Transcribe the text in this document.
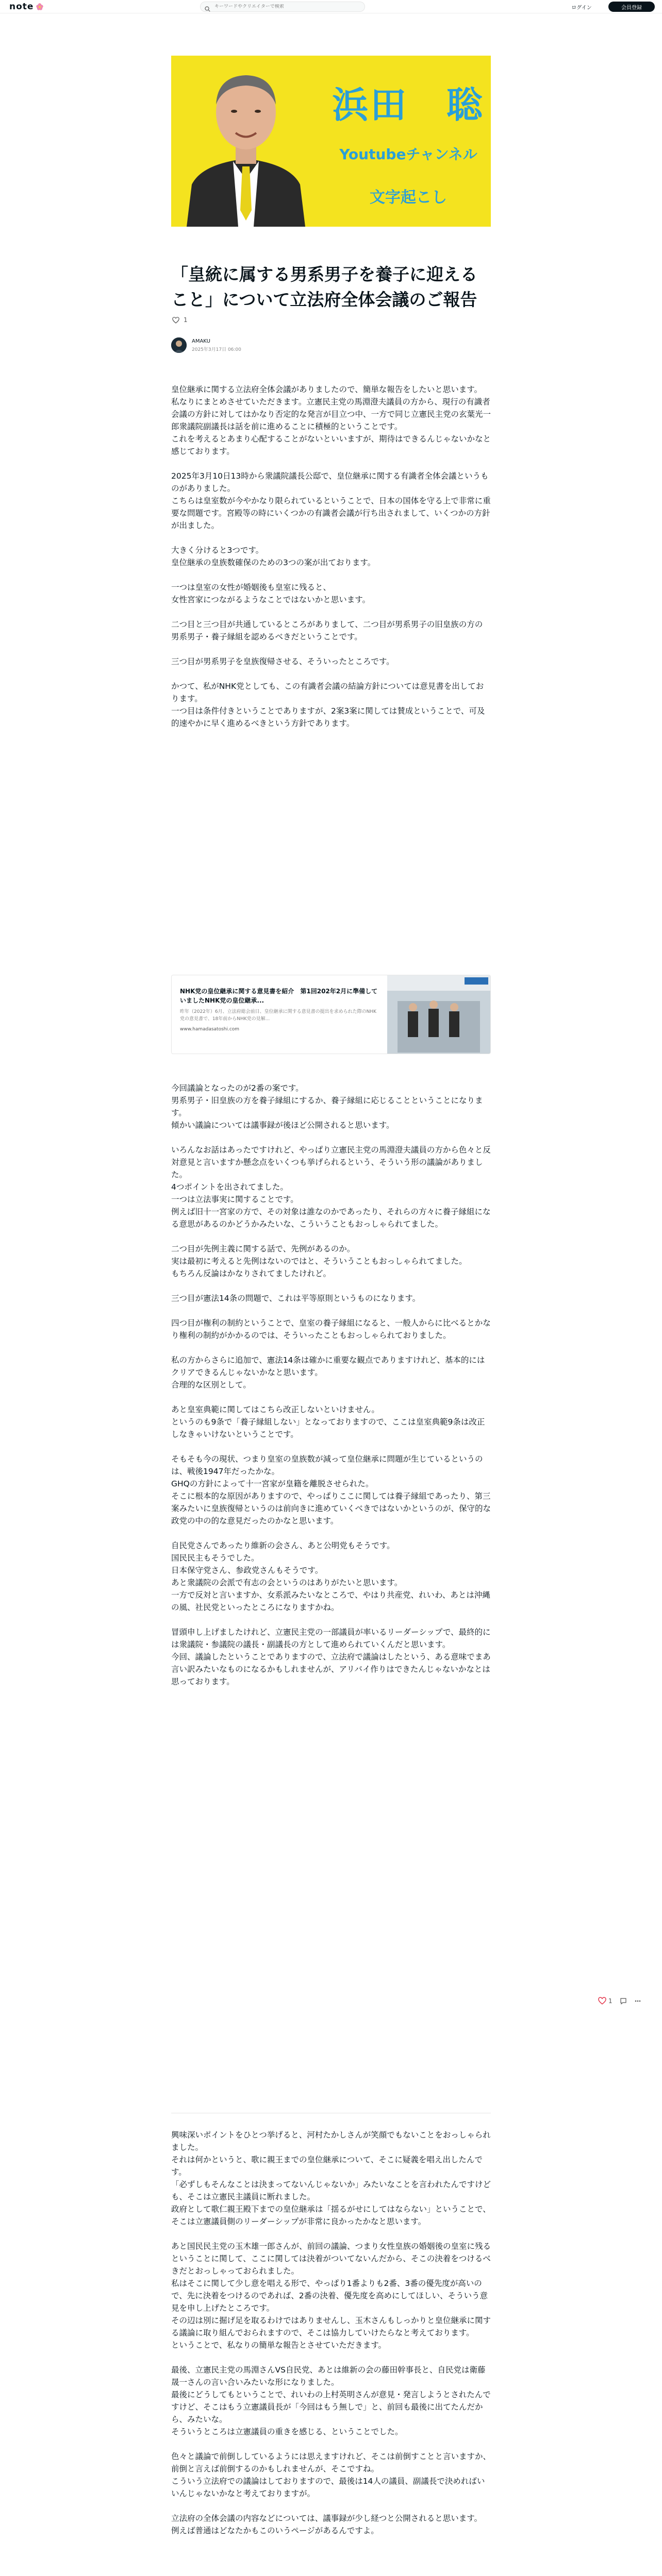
note
キーワードやクリエイターで検索	ログイン	会員登録
浜田　聡
Youtubeチャンネル
文字起こし
「皇統に属する男系男子を養子に迎えること」について立法府全体会議のご報告
1
AMAKU
2025年3月17日 06:00

皇位継承に関する立法府全体会議がありましたので、簡単な報告をしたいと思います。
私なりにまとめさせていただきます。立憲民主党の馬淵澄夫議員の方から、現行の有識者会議の方針に対してはかなり否定的な発言が目立つ中、一方で同じ立憲民主党の玄葉光一郎衆議院副議長は話を前に進めることに積極的ということです。
これを考えるとあまり心配することがないといいますが、期待はできるんじゃないかなと感じております。

2025年3月10日13時から衆議院議長公邸で、皇位継承に関する有識者全体会議というものがありました。
こちらは皇室数が今やかなり限られているということで、日本の国体を守る上で非常に重要な問題です。宮殿等の時にいくつかの有識者会議が行ち出されまして、いくつかの方針が出ました。

大きく分けると3つです。
皇位継承の皇族数確保のための3つの案が出ております。

一つは皇室の女性が婚姻後も皇室に残ると、
女性宮家につながるようなことではないかと思います。

二つ目と三つ目が共通しているところがありまして、二つ目が男系男子の旧皇族の方の
男系男子・養子縁組を認めるべきだということです。

三つ目が男系男子を皇族復帰させる、そういったところです。

かつて、私がNHK党としても、この有識者会議の結論方針については意見書を出しております。
一つ目は条件付きということでありますが、2案3案に関しては賛成ということで、可及的速やかに早く進めるべきという方針であります。

NHK党の皇位継承に関する意見書を紹介　第1回202年2月に準備していましたNHK党の皇位継承...
昨年（2022年）6月、立法府総会前日、皇位継承に関する意見書の提出を求められた際のNHK党の意見書で、18年前からNHK党の見解...
www.hamadasatoshi.com

今回議論となったのが2番の案です。
男系男子・旧皇族の方を養子縁組にするか、養子縁組に応じることということになります。
傾かい議論については議事録が後ほど公開されると思います。

いろんなお話はあったですけれど、やっぱり立憲民主党の馬淵澄夫議員の方から色々と反対意見と言いますか懸念点をいくつも挙げられるという、そういう形の議論がありました。
4つポイントを出されてました。
一つは立法事実に関することです。
例えば旧十一宮家の方で、その対象は誰なのかであったり、それらの方々に養子縁組になる意思があるのかどうかみたいな、こういうこともおっしゃられてました。

二つ目が先例主義に関する話で、先例があるのか。
実は最初に考えると先例はないのではと、そういうこともおっしゃられてました。
もちろん反論はかなりされてましたけれど。

三つ目が憲法14条の問題で、これは平等原則というものになります。

四つ目が権利の制約ということで、皇室の養子縁組になると、一般人からに比べるとかなり権利の制約がかかるのでは、そういったこともおっしゃられておりました。

私の方からさらに追加で、憲法14条は確かに重要な観点でありますけれど、基本的にはクリアできるんじゃないかなと思います。
合理的な区別として。

あと皇室典範に関してはこちら改正しないといけません。
というのも9条で「養子縁組しない」となっておりますので、ここは皇室典範9条は改正しなきゃいけないということです。

そもそも今の現状、つまり皇室の皇族数が減って皇位継承に問題が生じているというのは、戦後1947年だったかな。
GHQの方針によって十一宮家が皇籍を離脱させられた。
そこに根本的な原因がありますので、やっぱりここに関しては養子縁組であったり、第三案みたいに皇族復帰というのは前向きに進めていくべきではないかというのが、保守的な政党の中の的な意見だったのかなと思います。

自民党さんであったり維新の会さん、あと公明党もそうです。
国民民主もそうでした。
日本保守党さん、参政党さんもそうです。
あと衆議院の会派で有志の会というのはありがたいと思います。
一方で反対と言いますか、女系派みたいなところで、やはり共産党、れいわ、あとは沖縄の風、社民党といったところになりますかね。

冒頭申し上げましたけれど、立憲民主党の一部議員が率いるリーダーシップで、最終的には衆議院・参議院の議長・副議長の方として進められていくんだと思います。
今回、議論したということでありますので、立法府で議論はしたという、ある意味でまあ言い訳みたいなものになるかもしれませんが、アリバイ作りはできたんじゃないかなとは思っております。

興味深いポイントをひとつ挙げると、河村たかしさんが笑顔でもないことをおっしゃられました。
それは何かというと、歌に親王までの皇位継承について、そこに疑義を唱え出したんです。
「必ずしもそんなことは決まってないんじゃないか」みたいなことを言われたんですけども、そこは立憲民主議員に断れました。
政府として歌仁親王殿下までの皇位継承は「揺るがせにしてはならない」ということで、そこは立憲議員側のリーダーシップが非常に良かったかなと思います。

あと国民民主党の玉木雄一郎さんが、前回の議論、つまり女性皇族の婚姻後の皇室に残るということに関して、ここに関しては決着がついてないんだから、そこの決着をつけるべきだとおっしゃっておられました。
私はそこに関して少し意を唱える形で、やっぱり1番よりも2番、3番の優先度が高いので、先に決着をつけるのであれば、2番の決着、優先度を高めにしてほしい、そういう意見を申し上げたところです。
その辺は別に掘げ足を取るわけではありませんし、玉木さんもしっかりと皇位継承に関する議論に取り組んでおられますので、そこは協力していけたらなと考えております。
ということで、私なりの簡単な報告とさせていただきます。

最後、立憲民主党の馬淵さんVS自民党、あとは維新の会の藤田幹事長と、自民党は衛藤晟一さんの言い合いみたいな形になりました。
最後にどうしてもということで、れいわの上村英明さんが意見・発言しようとされたんですけど、そこはもう立憲議員長が「今回はもう無しで」と、前回も最後に出てたんだから、みたいな。
そういうところは立憲議員の重きを感じる、ということでした。

色々と議論で前倒ししているようには思えますけれど、そこは前倒すことと言いますか、前倒と言えば前倒するのかもしれませんが、そこですね。
こういう立法府での議論はしておりますので、最後は14人の議員、副議長で決めればいいんじゃないかなと考えておりますが。

立法府の全体会議の内容などについては、議事録が少し経つと公開されると思います。
例えば普通はどなたかもこのいうページがあるんですよ。

1
